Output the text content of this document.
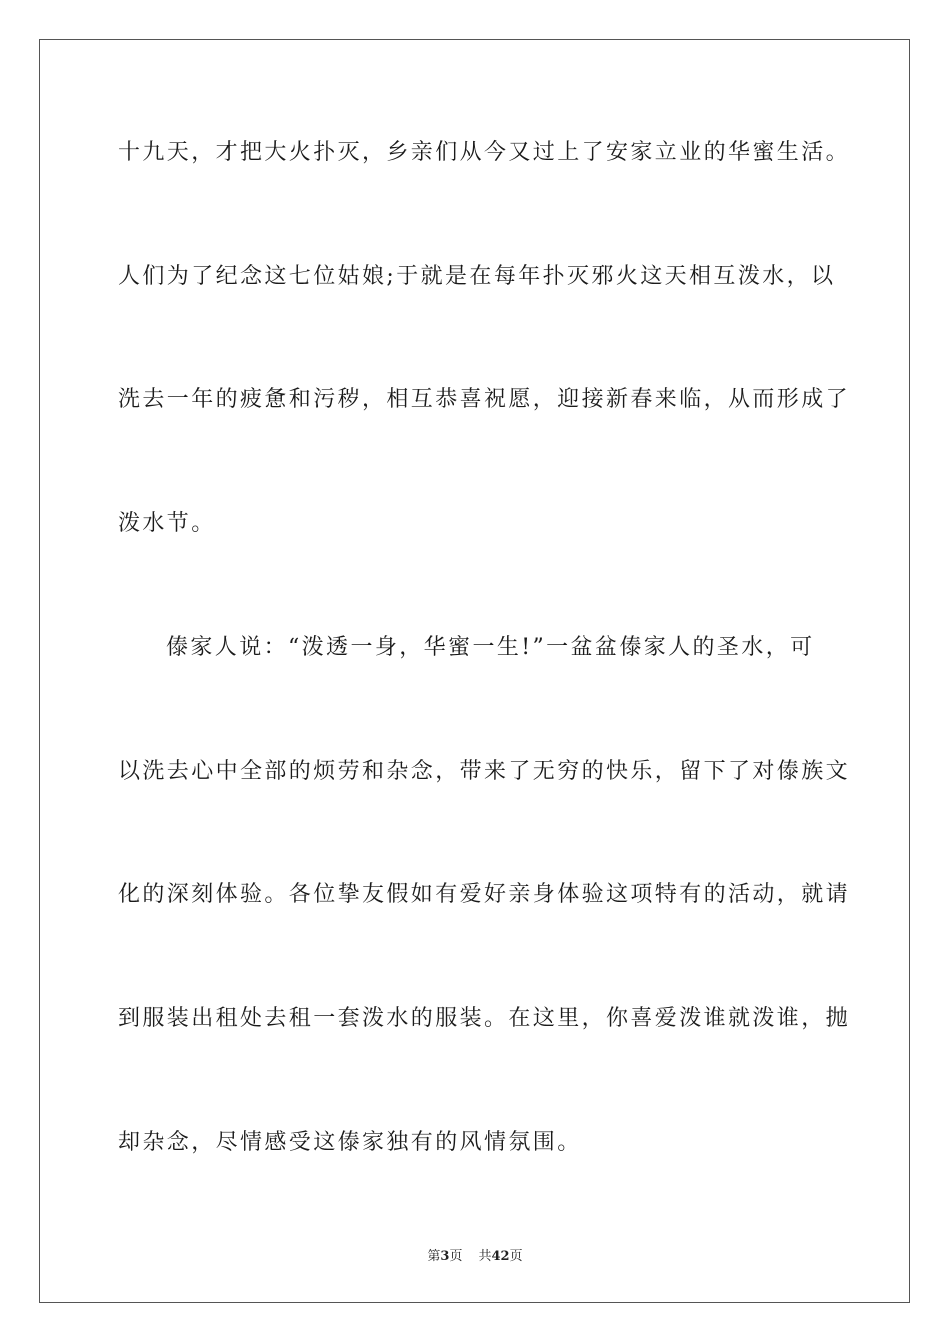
十九天，才把大火扑灭，乡亲们从今又过上了安家立业的华蜜生活。
人们为了纪念这七位姑娘;于就是在每年扑灭邪火这天相互泼水，以
洗去一年的疲惫和污秽，相互恭喜祝愿，迎接新春来临，从而形成了
泼水节。
傣家人说：“泼透一身，华蜜一生!”一盆盆傣家人的圣水，可
以洗去心中全部的烦劳和杂念，带来了无穷的快乐，留下了对傣族文
化的深刻体验。各位挚友假如有爱好亲身体验这项特有的活动，就请
到服装出租处去租一套泼水的服装。在这里，你喜爱泼谁就泼谁，抛
却杂念，尽情感受这傣家独有的风情氛围。
第3页 共42页
